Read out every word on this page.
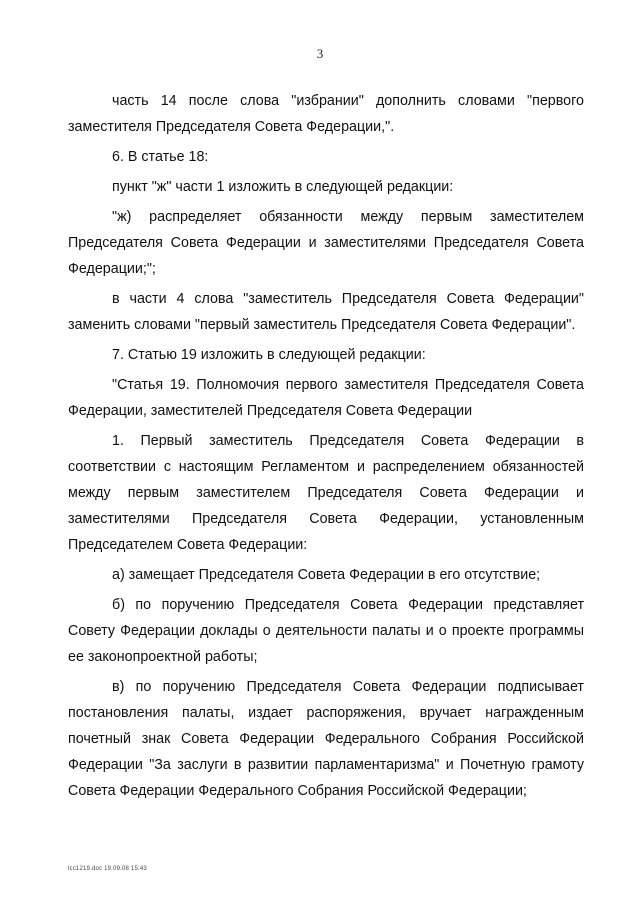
3

часть 14 после слова "избрании" дополнить словами "первого заместителя Председателя Совета Федерации,".

6. В статье 18:

пункт "ж" части 1 изложить в следующей редакции:

"ж) распределяет обязанности между первым заместителем Председателя Совета Федерации и заместителями Председателя Совета Федерации;";

в части 4 слова "заместитель Председателя Совета Федерации" заменить словами "первый заместитель Председателя Совета Федерации".

7. Статью 19 изложить в следующей редакции:

"Статья 19. Полномочия первого заместителя Председателя Совета Федерации, заместителей Председателя Совета Федерации

1. Первый заместитель Председателя Совета Федерации в соответствии с настоящим Регламентом и распределением обязанностей между первым заместителем Председателя Совета Федерации и заместителями Председателя Совета Федерации, установленным Председателем Совета Федерации:

а) замещает Председателя Совета Федерации в его отсутствие;

б) по поручению Председателя Совета Федерации представляет Совету Федерации доклады о деятельности палаты и о проекте программы ее законопроектной работы;

в) по поручению Председателя Совета Федерации подписывает постановления палаты, издает распоряжения, вручает награжденным почетный знак Совета Федерации Федерального Собрания Российской Федерации "За заслуги в развитии парламентаризма" и Почетную грамоту Совета Федерации Федерального Собрания Российской Федерации;

lcc1219.doc 19.09.08 15:43
